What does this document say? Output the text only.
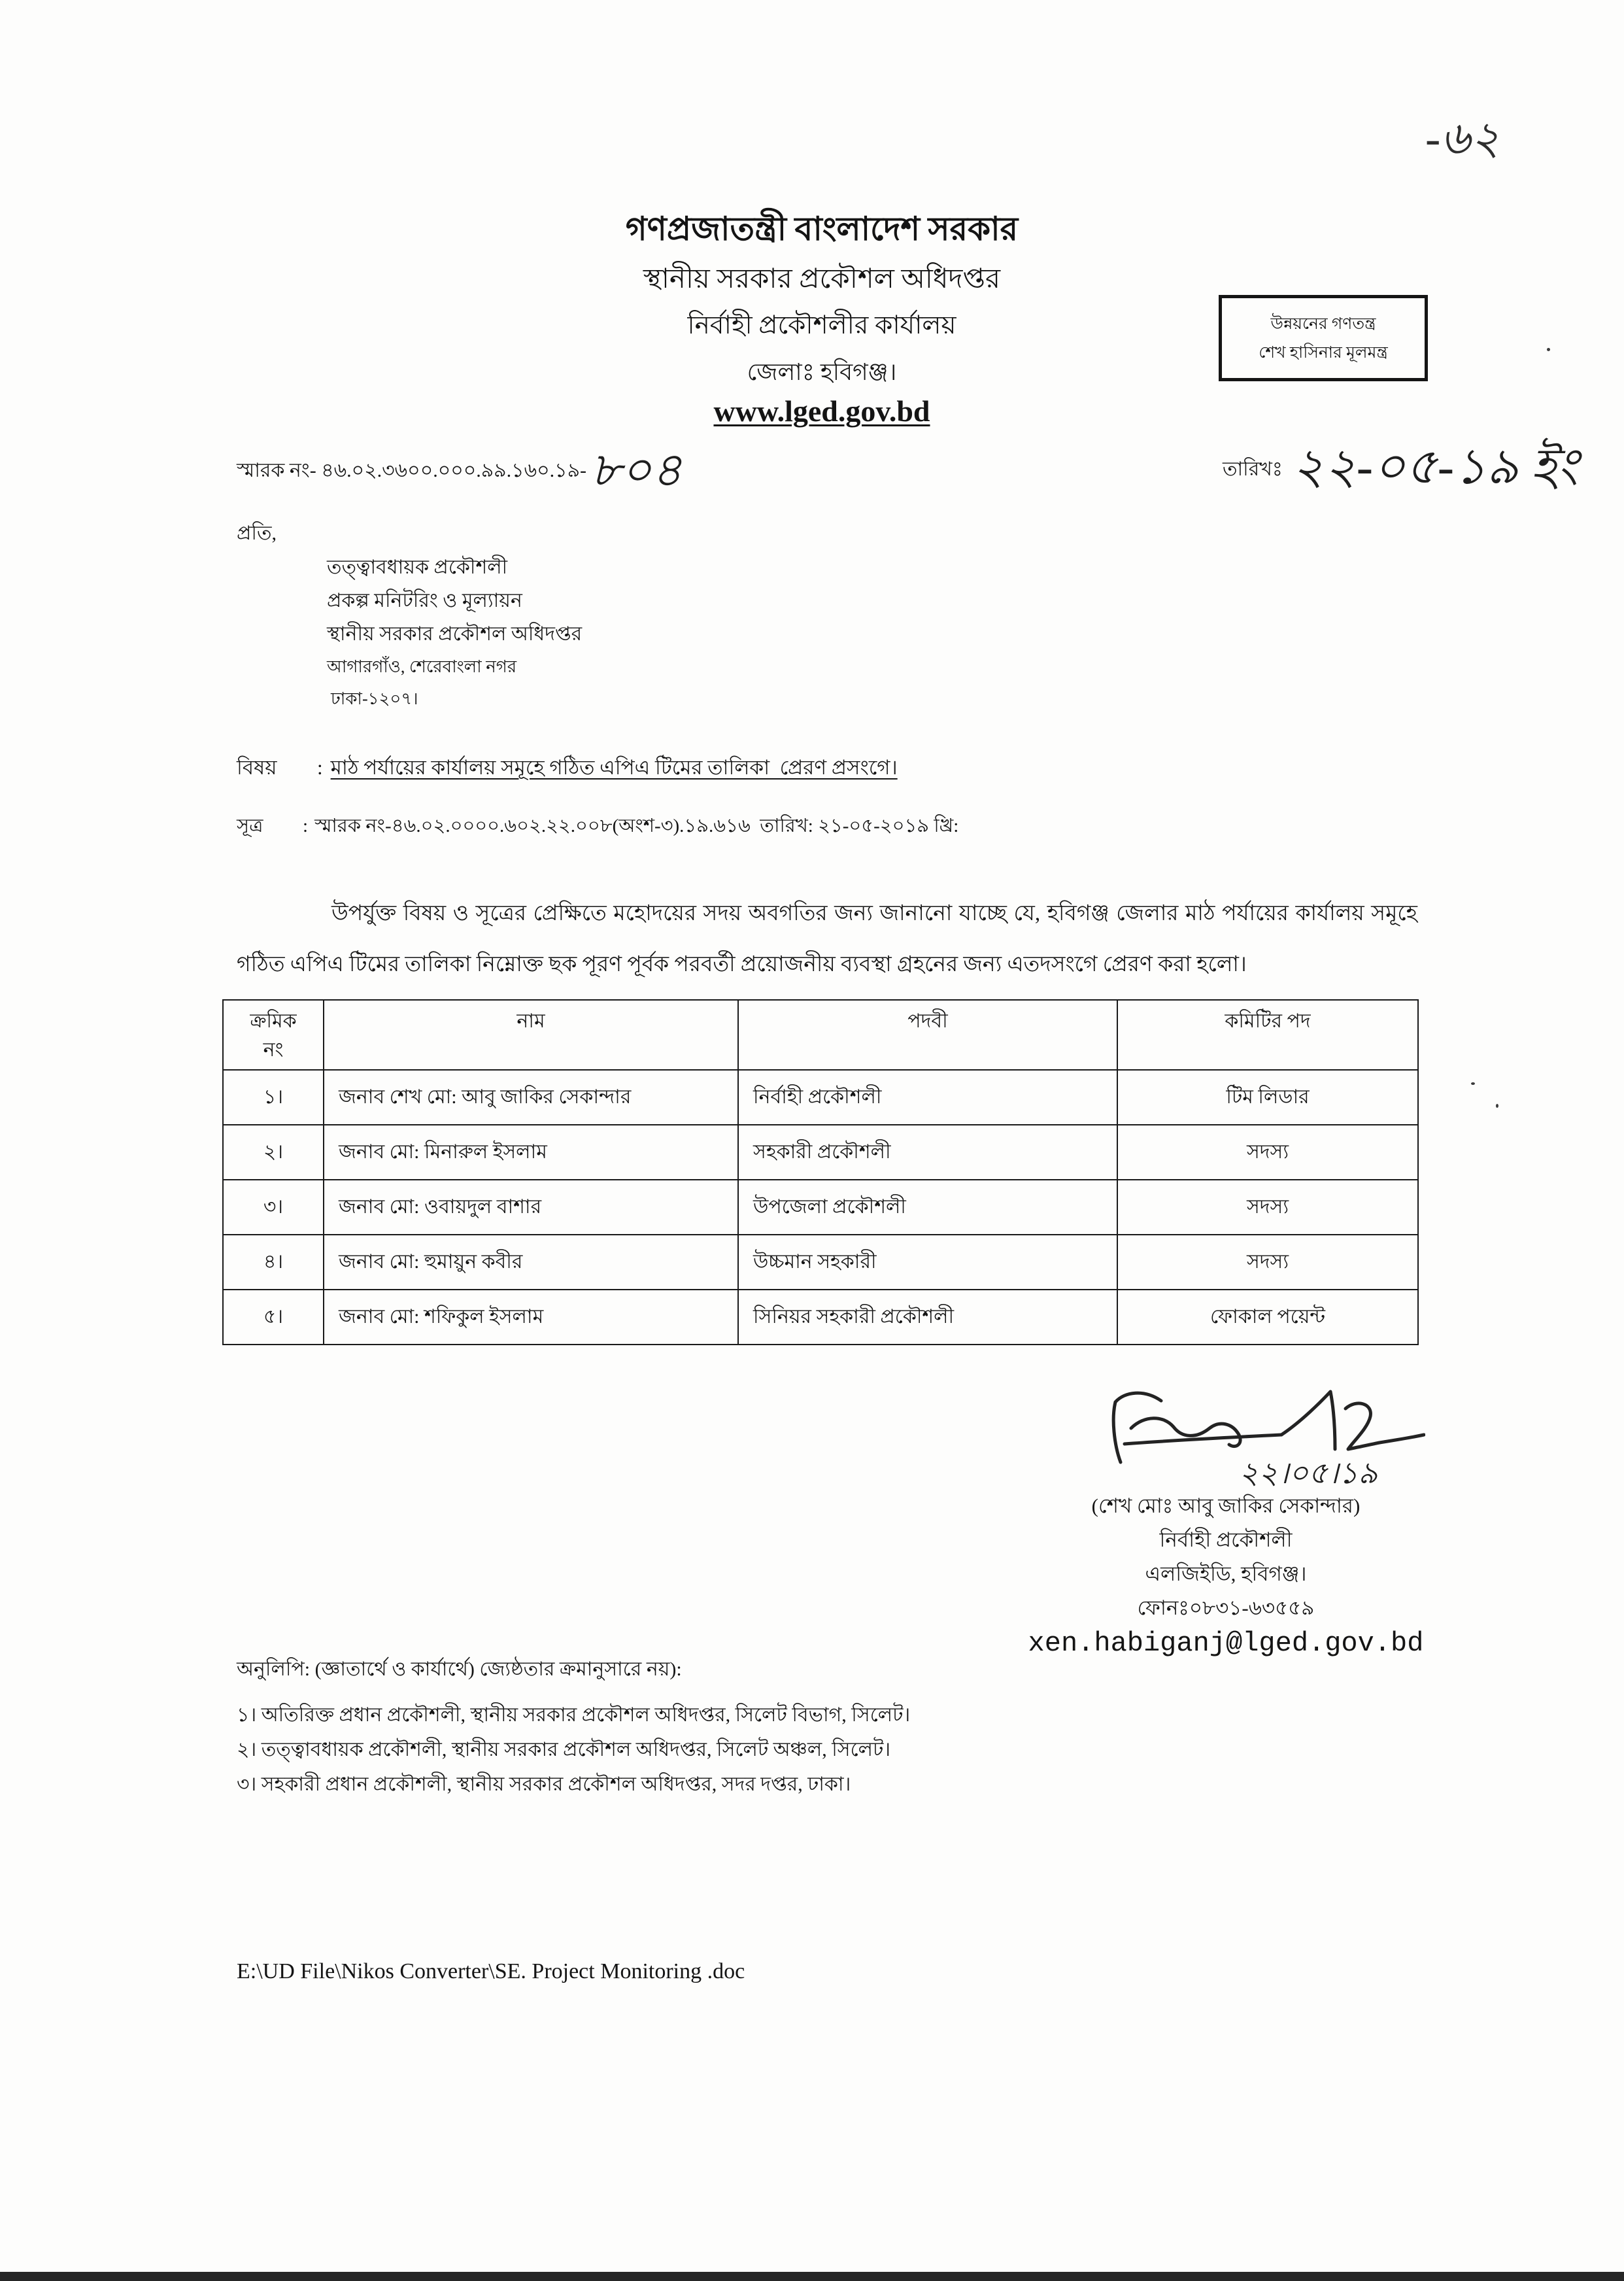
-৬২
গণপ্রজাতন্ত্রী বাংলাদেশ সরকার
স্থানীয় সরকার প্রকৌশল অধিদপ্তর
নির্বাহী প্রকৌশলীর কার্যালয়
জেলাঃ হবিগঞ্জ।
www.lged.gov.bd
উন্নয়নের গণতন্ত্র
শেখ হাসিনার মূলমন্ত্র
স্মারক নং- ৪৬.০২.৩৬০০.০০০.৯৯.১৬০.১৯- ৮০৪	তারিখঃ ২২-০৫-১৯ ইং
প্রতি,
তত্ত্বাবধায়ক প্রকৌশলী
প্রকল্প মনিটরিং ও মূল্যায়ন
স্থানীয় সরকার প্রকৌশল অধিদপ্তর
আগারগাঁও, শেরেবাংলা নগর
ঢাকা-১২০৭।
বিষয়	: মাঠ পর্যায়ের কার্যালয় সমূহে গঠিত এপিএ টিমের তালিকা  প্রেরণ প্রসংগে।
সূত্র	: স্মারক নং-৪৬.০২.০০০০.৬০২.২২.০০৮(অংশ-৩).১৯.৬১৬  তারিখ: ২১-০৫-২০১৯ খ্রি:

উপর্যুক্ত বিষয় ও সূত্রের প্রেক্ষিতে মহোদয়ের সদয় অবগতির জন্য জানানো যাচ্ছে যে, হবিগঞ্জ জেলার মাঠ পর্যায়ের কার্যালয় সমূহে গঠিত এপিএ টিমের তালিকা নিম্নোক্ত ছক পূরণ পূর্বক পরবর্তী প্রয়োজনীয় ব্যবস্থা গ্রহনের জন্য এতদসংগে প্রেরণ করা হলো।

ক্রমিক
নং	নাম	পদবী	কমিটির পদ
১।	জনাব শেখ মো: আবু জাকির সেকান্দার	নির্বাহী প্রকৌশলী	টিম লিডার
২।	জনাব মো: মিনারুল ইসলাম	সহকারী প্রকৌশলী	সদস্য
৩।	জনাব মো: ওবায়দুল বাশার	উপজেলা প্রকৌশলী	সদস্য
৪।	জনাব মো: হুমায়ুন কবীর	উচ্চমান সহকারী	সদস্য
৫।	জনাব মো: শফিকুল ইসলাম	সিনিয়র সহকারী প্রকৌশলী	ফোকাল পয়েন্ট
২২।০৫।১৯
(শেখ মোঃ আবু জাকির সেকান্দার)
নির্বাহী প্রকৌশলী
এলজিইডি, হবিগঞ্জ।
ফোনঃ০৮৩১-৬৩৫৫৯
xen.habiganj@lged.gov.bd
অনুলিপি: (জ্ঞাতার্থে ও কার্যার্থে) জ্যেষ্ঠতার ক্রমানুসারে নয়):
১। অতিরিক্ত প্রধান প্রকৌশলী, স্থানীয় সরকার প্রকৌশল অধিদপ্তর, সিলেট বিভাগ, সিলেট।
২। তত্ত্বাবধায়ক প্রকৌশলী, স্থানীয় সরকার প্রকৌশল অধিদপ্তর, সিলেট অঞ্চল, সিলেট।
৩। সহকারী প্রধান প্রকৌশলী, স্থানীয় সরকার প্রকৌশল অধিদপ্তর, সদর দপ্তর, ঢাকা।
E:\UD File\Nikos Converter\SE. Project Monitoring .doc
